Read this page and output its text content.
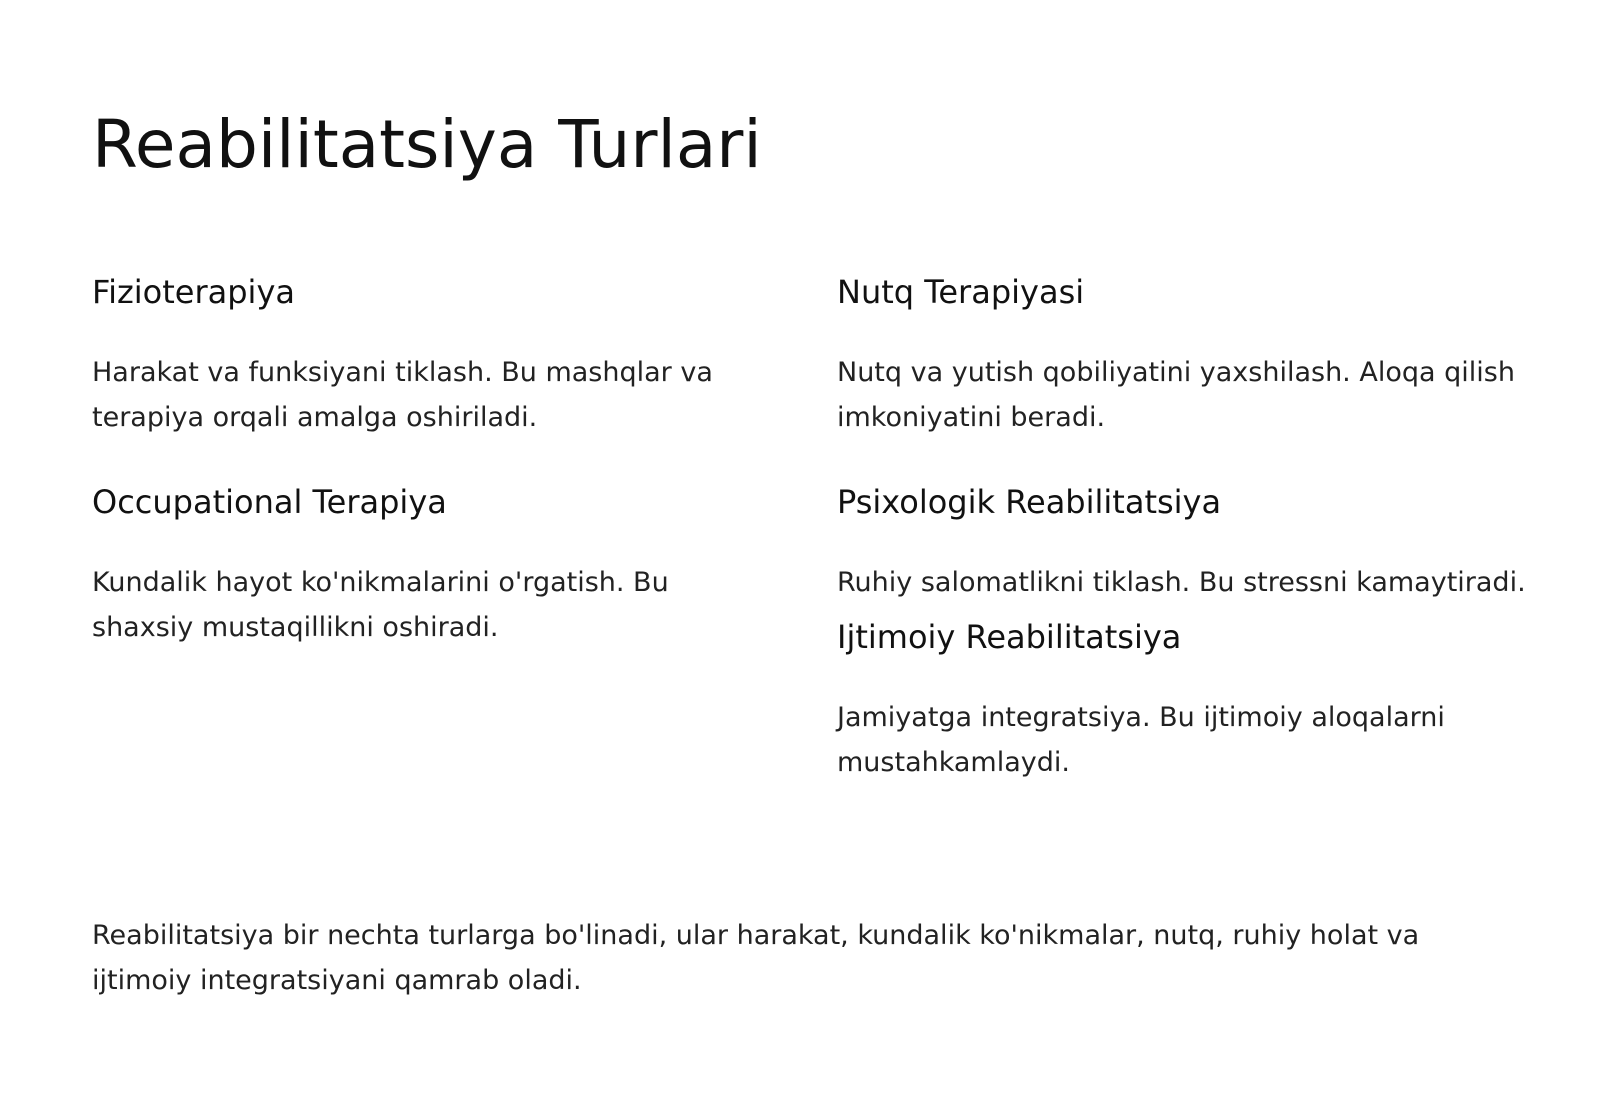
Reabilitatsiya Turlari
Fizioterapiya

Harakat va funksiyani tiklash. Bu mashqlar va terapiya orqali amalga oshiriladi.

Occupational Terapiya

Kundalik hayot ko'nikmalarini o'rgatish. Bu shaxsiy mustaqillikni oshiradi.

Nutq Terapiyasi

Nutq va yutish qobiliyatini yaxshilash. Aloqa qilish imkoniyatini beradi.

Psixologik Reabilitatsiya

Ruhiy salomatlikni tiklash. Bu stressni kamaytiradi.

Ijtimoiy Reabilitatsiya

Jamiyatga integratsiya. Bu ijtimoiy aloqalarni mustahkamlaydi.

Reabilitatsiya bir nechta turlarga bo'linadi, ular harakat, kundalik ko'nikmalar, nutq, ruhiy holat va ijtimoiy integratsiyani qamrab oladi.
